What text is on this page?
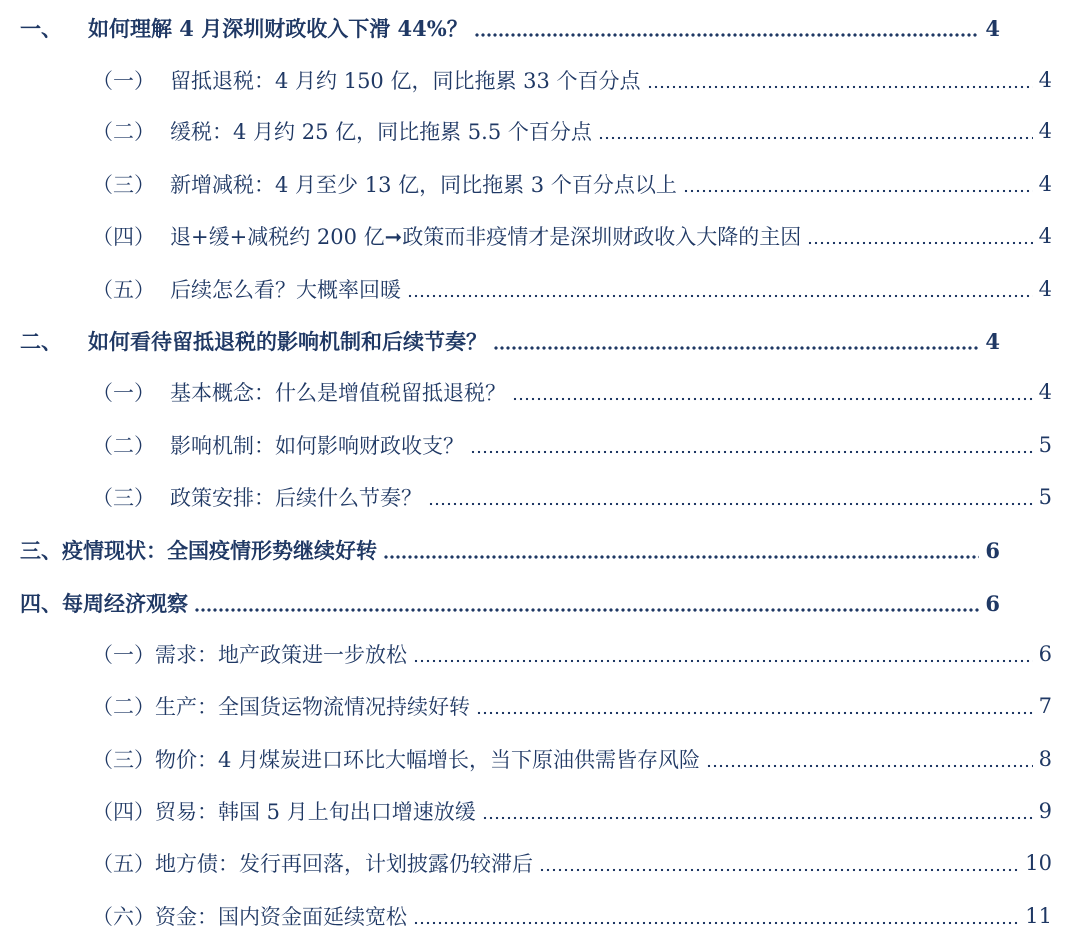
一、	如何理解 4 月深圳财政收入下滑 44%？	4
（一） 留抵退税：4 月约 150 亿，同比拖累 33 个百分点	4
（二） 缓税：4 月约 25 亿，同比拖累 5.5 个百分点	4
（三） 新增减税：4 月至少 13 亿，同比拖累 3 个百分点以上	4
（四） 退+缓+减税约 200 亿➞政策而非疫情才是深圳财政收入大降的主因	4
（五） 后续怎么看？大概率回暖	4
二、	如何看待留抵退税的影响机制和后续节奏？	4
（一） 基本概念：什么是增值税留抵退税？	4
（二） 影响机制：如何影响财政收支？	5
（三） 政策安排：后续什么节奏？	5
三、 疫情现状：全国疫情形势继续好转	6
四、 每周经济观察	6
（一） 需求：地产政策进一步放松	6
（二） 生产：全国货运物流情况持续好转	7
（三） 物价：4 月煤炭进口环比大幅增长，当下原油供需皆存风险	8
（四） 贸易：韩国 5 月上旬出口增速放缓	9
（五） 地方债：发行再回落，计划披露仍较滞后	10
（六） 资金：国内资金面延续宽松	11
